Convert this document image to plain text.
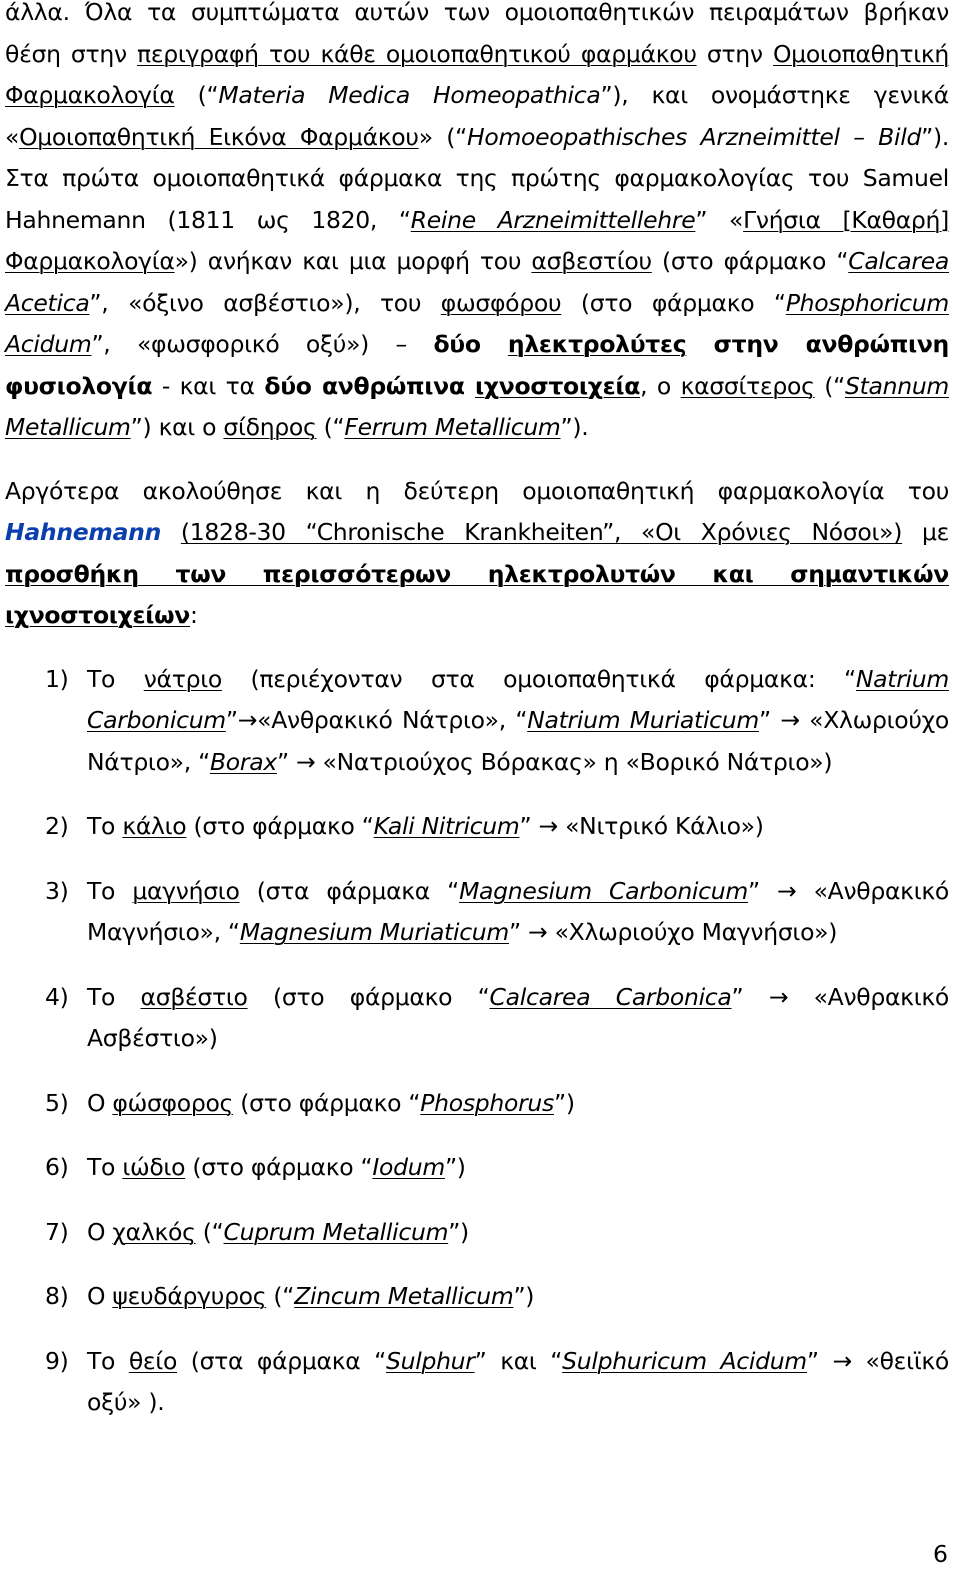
άλλα. Όλα τα συμπτώματα αυτών των ομοιοπαθητικών πειραμάτων βρήκαν θέση στην περιγραφή του κάθε ομοιοπαθητικού φαρμάκου στην Ομοιοπαθητική Φαρμακολογία (“Materia Medica Homeopathica”), και ονομάστηκε γενικά «Ομοιοπαθητική Εικόνα Φαρμάκου» (“Homoeopathisches Arzneimittel – Bild”). Στα πρώτα ομοιοπαθητικά φάρμακα της πρώτης φαρμακολογίας του Samuel Hahnemann (1811 ως 1820, “Reine Arzneimittellehre” «Γνήσια [Καθαρή] Φαρμακολογία») ανήκαν και μια μορφή του ασβεστίου (στο φάρμακο “Calcarea Acetica”, «όξινο ασβέστιο»), του φωσφόρου (στο φάρμακο “Phosphoricum Acidum”, «φωσφορικό οξύ») – δύο ηλεκτρολύτες στην ανθρώπινη φυσιολογία - και τα δύο ανθρώπινα ιχνοστοιχεία, ο κασσίτερος (“Stannum Metallicum”) και ο σίδηρος (“Ferrum Metallicum”).

Αργότερα ακολούθησε και η δεύτερη ομοιοπαθητική φαρμακολογία του Hahnemann (1828-30 “Chronische Krankheiten”, «Οι Χρόνιες Νόσοι») με προσθήκη των περισσότερων ηλεκτρολυτών και σημαντικών ιχνοστοιχείων:

1) Το νάτριο (περιέχονταν στα ομοιοπαθητικά φάρμακα: “Natrium Carbonicum”→«Ανθρακικό Νάτριο», “Natrium Muriaticum” → «Χλωριούχο Νάτριο», “Borax” → «Νατριούχος Βόρακας» η «Βορικό Νάτριο»)
2) Το κάλιο (στο φάρμακο “Kali Nitricum” → «Νιτρικό Κάλιο»)
3) Το μαγνήσιο (στα φάρμακα “Magnesium Carbonicum” → «Ανθρακικό Μαγνήσιο», “Magnesium Muriaticum” → «Χλωριούχο Μαγνήσιο»)
4) Το ασβέστιο (στο φάρμακο “Calcarea Carbonica” → «Ανθρακικό Ασβέστιο»)
5) Ο φώσφορος (στο φάρμακο “Phosphorus”)
6) Το ιώδιο (στο φάρμακο “Iodum”)
7) Ο χαλκός (“Cuprum Metallicum”)
8) Ο ψευδάργυρος (“Zincum Metallicum”)
9) Το θείο (στα φάρμακα “Sulphur” και “Sulphuricum Acidum” → «θειϊκό οξύ» ).
6
